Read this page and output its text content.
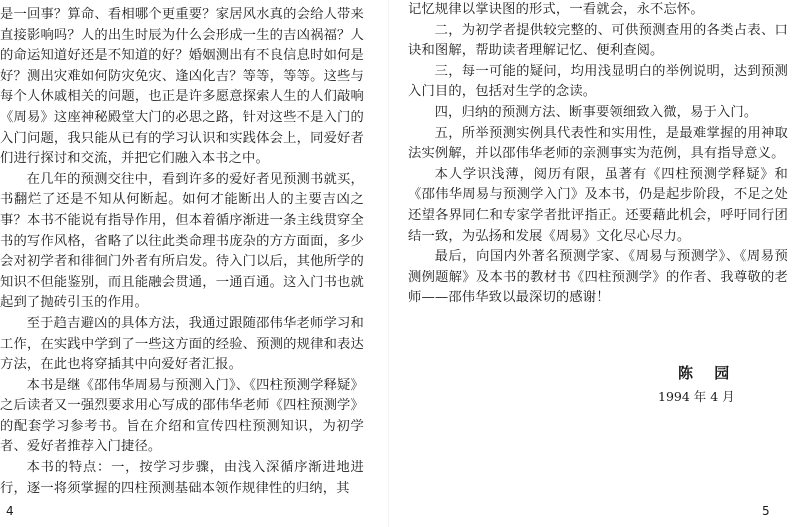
是一回事？算命、看相哪个更重要？家居风水真的会给人带来直接影响吗？人的出生时辰为什么会形成一生的吉凶祸福？人的命运知道好还是不知道的好？婚姻测出有不良信息时如何是好？测出灾难如何防灾免灾、逢凶化吉？等等，等等。这些与每个人休戚相关的问题，也正是许多愿意探索人生的人们敲响《周易》这座神秘殿堂大门的必思之路，针对这些不是入门的入门问题，我只能从已有的学习认识和实践体会上，同爱好者们进行探讨和交流，并把它们融入本书之中。

在几年的预测交往中，看到许多的爱好者见预测书就买，书翻烂了还是不知从何断起。如何才能断出人的主要吉凶之事？本书不能说有指导作用，但本着循序渐进一条主线贯穿全书的写作风格，省略了以往此类命理书庞杂的方方面面，多少会对初学者和徘徊门外者有所启发。待入门以后，其他所学的知识不但能鉴别，而且能融会贯通，一通百通。这入门书也就起到了抛砖引玉的作用。

至于趋吉避凶的具体方法，我通过跟随邵伟华老师学习和工作，在实践中学到了一些这方面的经验、预测的规律和表达方法，在此也将穿插其中向爱好者汇报。

本书是继《邵伟华周易与预测入门》、《四柱预测学释疑》之后读者又一强烈要求用心写成的邵伟华老师《四柱预测学》的配套学习参考书。旨在介绍和宣传四柱预测知识，为初学者、爱好者推荐入门捷径。

本书的特点：一，按学习步骤，由浅入深循序渐进地进行，逐一将须掌握的四柱预测基础本领作规律性的归纳，其

记忆规律以掌诀图的形式，一看就会，永不忘怀。

二，为初学者提供较完整的、可供预测查用的各类占表、口诀和图解，帮助读者理解记忆、便利查阅。

三，每一可能的疑问，均用浅显明白的举例说明，达到预测入门目的，包括对生学的念读。

四，归纳的预测方法、断事要领细致入微，易于入门。

五，所举预测实例具代表性和实用性，是最难掌握的用神取法实例解，并以邵伟华老师的亲测事实为范例，具有指导意义。

本人学识浅薄，阅历有限，虽著有《四柱预测学释疑》和《邵伟华周易与预测学入门》及本书，仍是起步阶段，不足之处还望各界同仁和专家学者批评指正。还要藉此机会，呼吁同行团结一致，为弘扬和发展《周易》文化尽心尽力。

最后，向国内外著名预测学家、《周易与预测学》、《周易预测例题解》及本书的教材书《四柱预测学》的作者、我尊敬的老师——邵伟华致以最深切的感谢！

陈 园
1994 年 4 月
4	5
